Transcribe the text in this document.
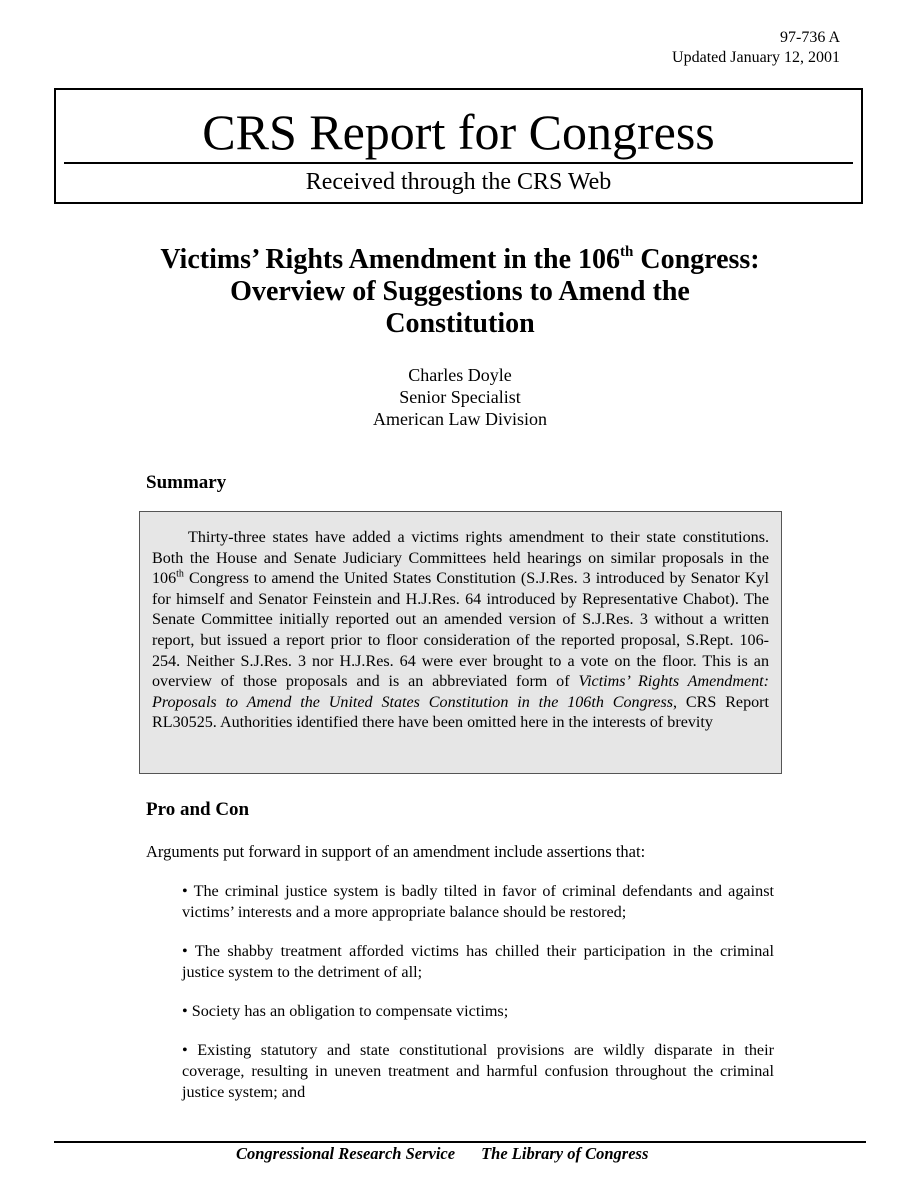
97-736 A
Updated January 12, 2001
CRS Report for Congress
Received through the CRS Web
Victims’ Rights Amendment in the 106th Congress:
Overview of Suggestions to Amend the
Constitution
Charles Doyle
Senior Specialist
American Law Division
Summary

Thirty-three states have added a victims rights amendment to their state constitutions. Both the House and Senate Judiciary Committees held hearings on similar proposals in the 106th Congress to amend the United States Constitution (S.J.Res. 3 introduced by Senator Kyl for himself and Senator Feinstein and H.J.Res. 64 introduced by Representative Chabot). The Senate Committee initially reported out an amended version of S.J.Res. 3 without a written report, but issued a report prior to floor consideration of the reported proposal, S.Rept. 106-254. Neither S.J.Res. 3 nor H.J.Res. 64 were ever brought to a vote on the floor. This is an overview of those proposals and is an abbreviated form of Victims’ Rights Amendment: Proposals to Amend the United States Constitution in the 106th Congress, CRS Report RL30525. Authorities identified there have been omitted here in the interests of brevity

Pro and Con
Arguments put forward in support of an amendment include assertions that:

• The criminal justice system is badly tilted in favor of criminal defendants and against victims’ interests and a more appropriate balance should be restored;

• The shabby treatment afforded victims has chilled their participation in the criminal justice system to the detriment of all;

• Society has an obligation to compensate victims;

• Existing statutory and state constitutional provisions are wildly disparate in their coverage, resulting in uneven treatment and harmful confusion throughout the criminal justice system; and

Congressional Research Service The Library of Congress
